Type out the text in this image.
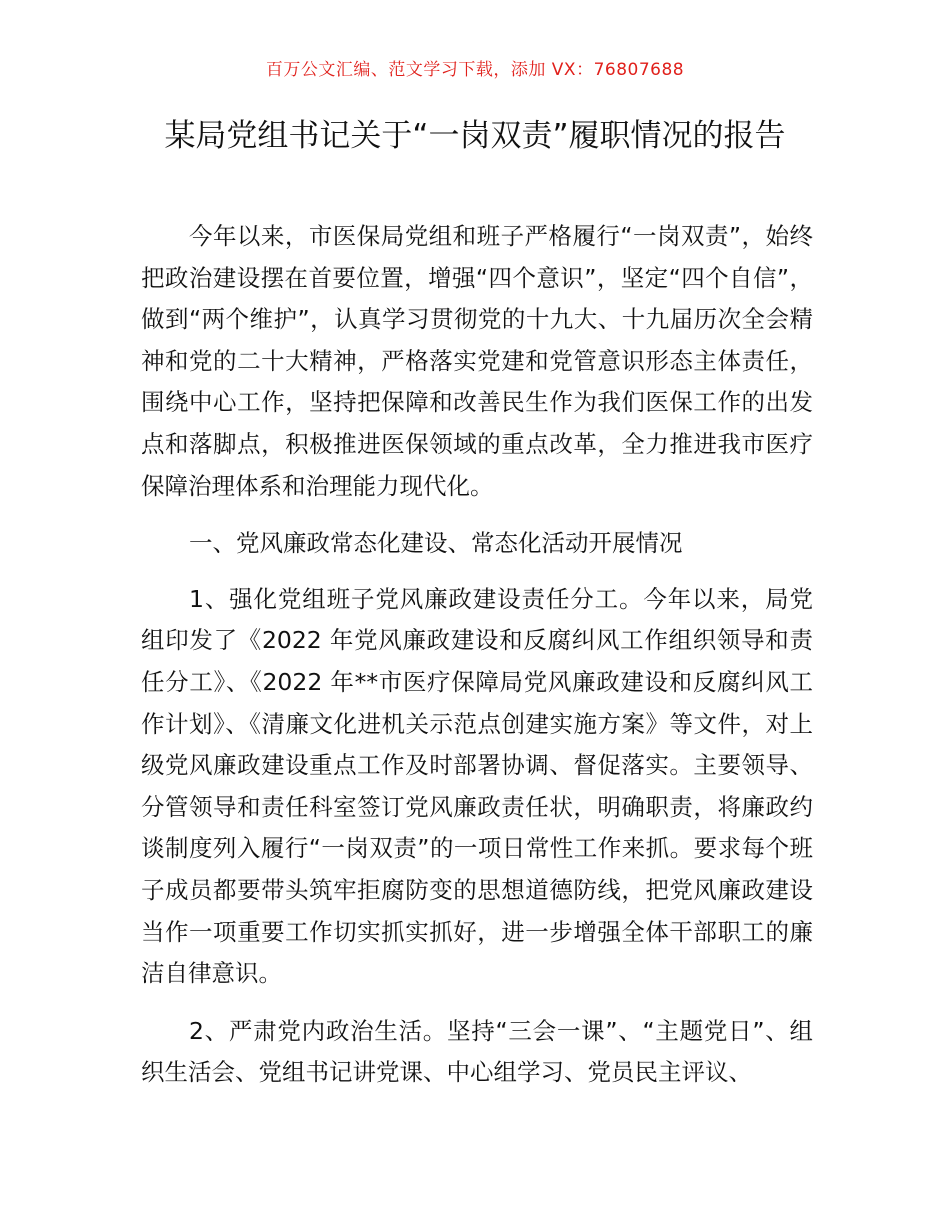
百万公文汇编、范文学习下载，添加 VX：76807688
某局党组书记关于“一岗双责”履职情况的报告

今年以来，市医保局党组和班子严格履行“一岗双责”，始终把政治建设摆在首要位置，增强“四个意识”，坚定“四个自信”，做到“两个维护”，认真学习贯彻党的十九大、十九届历次全会精神和党的二十大精神，严格落实党建和党管意识形态主体责任，围绕中心工作，坚持把保障和改善民生作为我们医保工作的出发点和落脚点，积极推进医保领域的重点改革，全力推进我市医疗保障治理体系和治理能力现代化。

一、党风廉政常态化建设、常态化活动开展情况

1、强化党组班子党风廉政建设责任分工。今年以来，局党组印发了《2022 年党风廉政建设和反腐纠风工作组织领导和责任分工》、《2022 年**市医疗保障局党风廉政建设和反腐纠风工作计划》、《清廉文化进机关示范点创建实施方案》等文件，对上级党风廉政建设重点工作及时部署协调、督促落实。主要领导、分管领导和责任科室签订党风廉政责任状，明确职责，将廉政约谈制度列入履行“一岗双责”的一项日常性工作来抓。要求每个班子成员都要带头筑牢拒腐防变的思想道德防线，把党风廉政建设当作一项重要工作切实抓实抓好，进一步增强全体干部职工的廉洁自律意识。

2、严肃党内政治生活。坚持“三会一课”、“主题党日”、组织生活会、党组书记讲党课、中心组学习、党员民主评议、
